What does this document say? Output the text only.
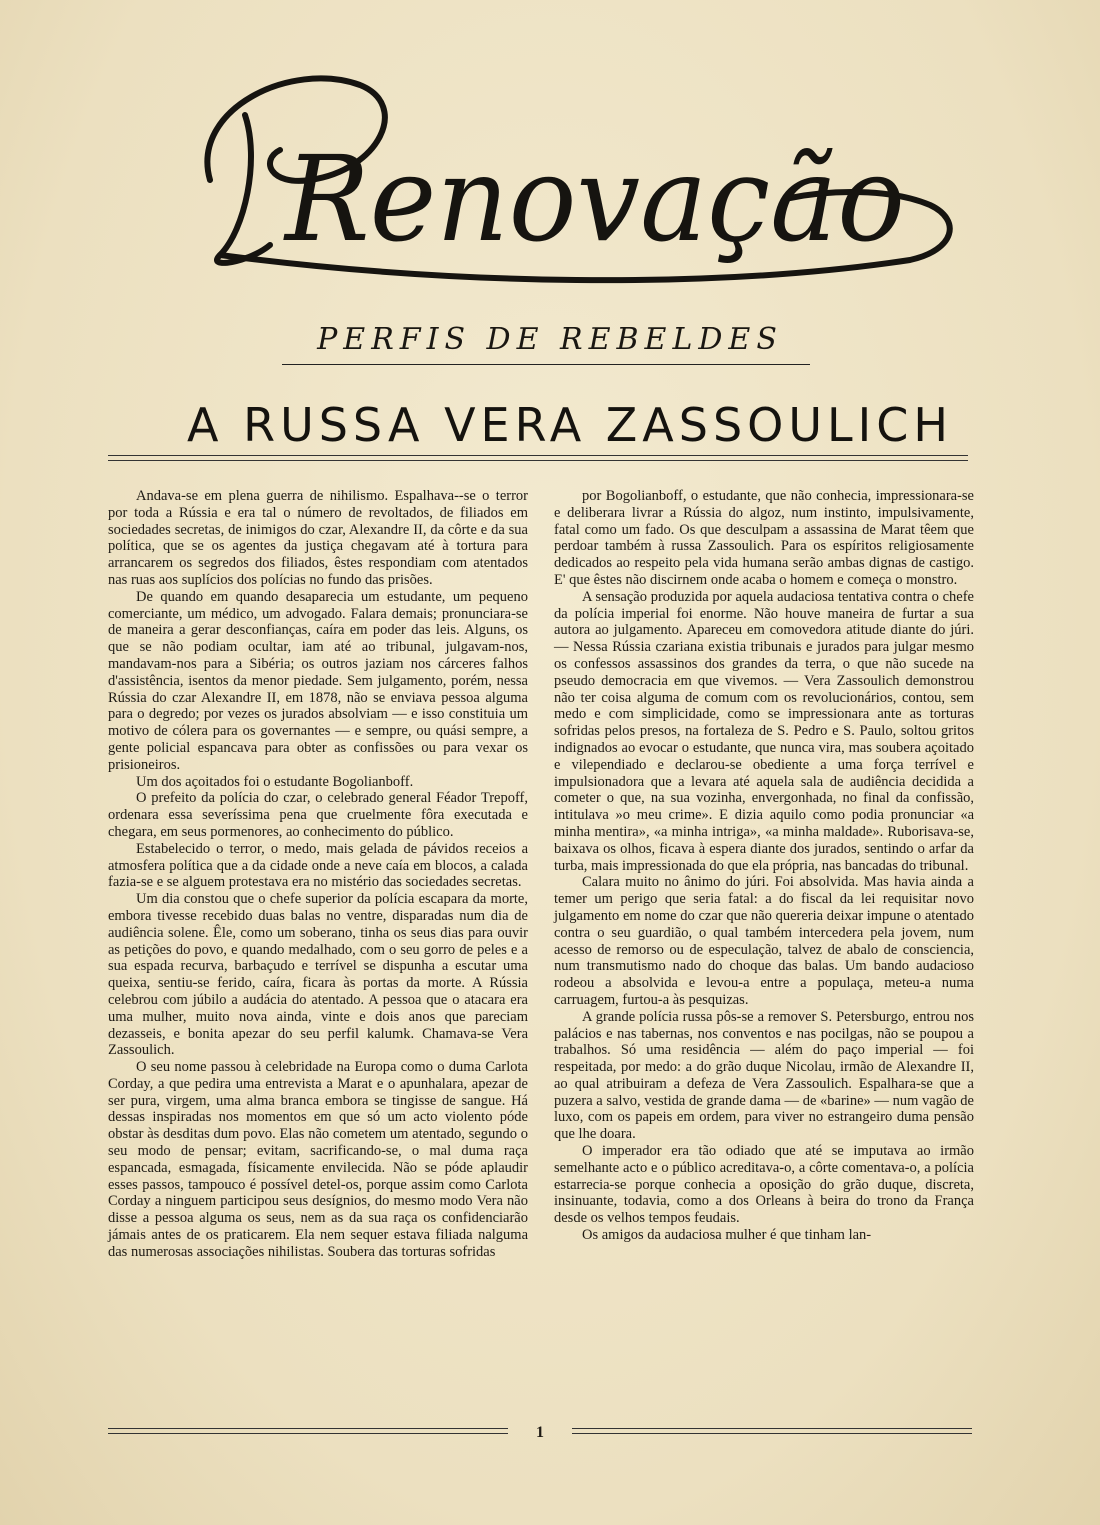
Renovação
PERFIS DE REBELDES
A RUSSA VERA ZASSOULICH

Andava-se em plena guerra de nihilismo. Espalhava--se o terror por toda a Rússia e era tal o número de revoltados, de filiados em sociedades secretas, de inimigos do czar, Alexandre II, da côrte e da sua política, que se os agentes da justiça chegavam até à tortura para arrancarem os segredos dos filiados, êstes respondiam com atentados nas ruas aos suplícios dos polícias no fundo das prisões.

De quando em quando desaparecia um estudante, um pequeno comerciante, um médico, um advogado. Falara demais; pronunciara-se de maneira a gerar desconfianças, caíra em poder das leis. Alguns, os que se não podiam ocultar, iam até ao tribunal, julgavam-nos, mandavam-nos para a Sibéria; os outros jaziam nos cárceres falhos d'assistência, isentos da menor piedade. Sem julgamento, porém, nessa Rússia do czar Alexandre II, em 1878, não se enviava pessoa alguma para o degredo; por vezes os jurados absolviam — e isso constituia um motivo de cólera para os governantes — e sempre, ou quási sempre, a gente policial espancava para obter as confissões ou para vexar os prisioneiros.

Um dos açoitados foi o estudante Bogolianboff.

O prefeito da polícia do czar, o celebrado general Féador Trepoff, ordenara essa severíssima pena que cruelmente fôra executada e chegara, em seus pormenores, ao conhecimento do público.

Estabelecido o terror, o medo, mais gelada de pávidos receios a atmosfera política que a da cidade onde a neve caía em blocos, a calada fazia-se e se alguem protestava era no mistério das sociedades secretas.

Um dia constou que o chefe superior da polícia escapara da morte, embora tivesse recebido duas balas no ventre, disparadas num dia de audiência solene. Êle, como um soberano, tinha os seus dias para ouvir as petições do povo, e quando medalhado, com o seu gorro de peles e a sua espada recurva, barbaçudo e terrível se dispunha a escutar uma queixa, sentiu-se ferido, caíra, ficara às portas da morte. A Rússia celebrou com júbilo a audácia do atentado. A pessoa que o atacara era uma mulher, muito nova ainda, vinte e dois anos que pareciam dezasseis, e bonita apezar do seu perfil kalumk. Chamava-se Vera Zassoulich.

O seu nome passou à celebridade na Europa como o duma Carlota Corday, a que pedira uma entrevista a Marat e o apunhalara, apezar de ser pura, virgem, uma alma branca embora se tingisse de sangue. Há dessas inspiradas nos momentos em que só um acto violento póde obstar às desditas dum povo. Elas não cometem um atentado, segundo o seu modo de pensar; evitam, sacrificando-se, o mal duma raça espancada, esmagada, físicamente envilecida. Não se póde aplaudir esses passos, tampouco é possível detel-os, porque assim como Carlota Corday a ninguem participou seus desígnios, do mesmo modo Vera não disse a pessoa alguma os seus, nem as da sua raça os confidenciarão jámais antes de os praticarem. Ela nem sequer estava filiada nalguma das numerosas associações nihilistas. Soubera das torturas sofridas

por Bogolianboff, o estudante, que não conhecia, impressionara-se e deliberara livrar a Rússia do algoz, num instinto, impulsivamente, fatal como um fado. Os que desculpam a assassina de Marat têem que perdoar também à russa Zassoulich. Para os espíritos religiosamente dedicados ao respeito pela vida humana serão ambas dignas de castigo. E' que êstes não discirnem onde acaba o homem e começa o monstro.

A sensação produzida por aquela audaciosa tentativa contra o chefe da polícia imperial foi enorme. Não houve maneira de furtar a sua autora ao julgamento. Apareceu em comovedora atitude diante do júri. — Nessa Rússia czariana existia tribunais e jurados para julgar mesmo os confessos assassinos dos grandes da terra, o que não sucede na pseudo democracia em que vivemos. — Vera Zassoulich demonstrou não ter coisa alguma de comum com os revolucionários, contou, sem medo e com simplicidade, como se impressionara ante as torturas sofridas pelos presos, na fortaleza de S. Pedro e S. Paulo, soltou gritos indignados ao evocar o estudante, que nunca vira, mas soubera açoitado e vilependiado e declarou-se obediente a uma força terrível e impulsionadora que a levara até aquela sala de audiência decidida a cometer o que, na sua vozinha, envergonhada, no final da confissão, intitulava »o meu crime». E dizia aquilo como podia pronunciar «a minha mentira», «a minha intriga», «a minha maldade». Ruborisava-se, baixava os olhos, ficava à espera diante dos jurados, sentindo o arfar da turba, mais impressionada do que ela própria, nas bancadas do tribunal.

Calara muito no ânimo do júri. Foi absolvida. Mas havia ainda a temer um perigo que seria fatal: a do fiscal da lei requisitar novo julgamento em nome do czar que não quereria deixar impune o atentado contra o seu guardião, o qual também intercedera pela jovem, num acesso de remorso ou de especulação, talvez de abalo de consciencia, num transmutismo nado do choque das balas. Um bando audacioso rodeou a absolvida e levou-a entre a populaça, meteu-a numa carruagem, furtou-a às pesquizas.

A grande polícia russa pôs-se a remover S. Petersburgo, entrou nos palácios e nas tabernas, nos conventos e nas pocilgas, não se poupou a trabalhos. Só uma residência — além do paço imperial — foi respeitada, por medo: a do grão duque Nicolau, irmão de Alexandre II, ao qual atribuiram a defeza de Vera Zassoulich. Espalhara-se que a puzera a salvo, vestida de grande dama — de «barine» — num vagão de luxo, com os papeis em ordem, para viver no estrangeiro duma pensão que lhe doara.

O imperador era tão odiado que até se imputava ao irmão semelhante acto e o público acreditava-o, a côrte comentava-o, a polícia estarrecia-se porque conhecia a oposição do grão duque, discreta, insinuante, todavia, como a dos Orleans à beira do trono da França desde os velhos tempos feudais.

Os amigos da audaciosa mulher é que tinham lan-

1
